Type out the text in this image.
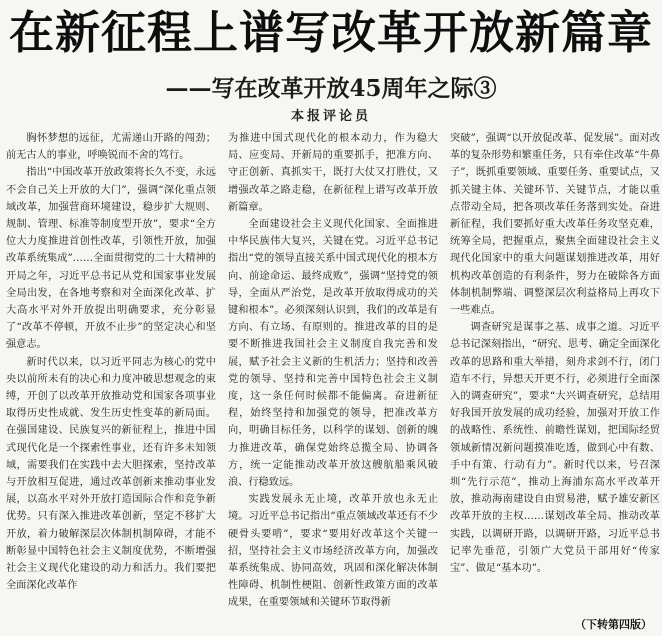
在新征程上谱写改革开放新篇章
——写在改革开放45周年之际③
本报评论员

胸怀梦想的远征，尤需递山开路的闯劲；前无古人的事业，呼唤锐而不舍的笃行。

指出“中国改革开放政策将长久不变，永远不会自己关上开放的大门”，强调“深化重点领域改革，加强营商环境建设，稳步扩大规则、规制、管理、标准等制度型开放”，要求“全方位大力度推进首创性改革，引领性开放，加强改革系统集成”……全面贯彻党的二十大精神的开局之年，习近平总书记从党和国家事业发展全局出发，在各地考察和对全面深化改革、扩大高水平对外开放提出明确要求，充分彰显了“改革不停顿，开放不止步”的坚定决心和坚强意志。

新时代以来，以习近平同志为核心的党中央以前所未有的决心和力度冲破思想观念的束缚，开创了以改革开放推动党和国家各项事业取得历史性成就、发生历史性变革的新局面。在强国建设、民族复兴的新征程上，推进中国式现代化是一个探索性事业，还有许多未知领域，需要我们在实践中去大胆探索，坚持改革与开放相互促进，通过改革创新来推动事业发展，以高水平对外开放打造国际合作和竞争新优势。只有深入推进改革创新，坚定不移扩大开放，着力破解深层次体制机制障碍，才能不断彰显中国特色社会主义制度优势，不断增强社会主义现代化建设的动力和活力。我们要把全面深化改革作

为推进中国式现代化的根本动力，作为稳大局、应变局、开新局的重要抓手，把准方向、守正创新、真抓实干，既打大仗又打胜仗，又增强改革之路走稳，在新征程上谱写改革开放新篇章。

全面建设社会主义现代化国家、全面推进中华民族伟大复兴，关键在党。习近平总书记指出“党的领导直接关系中国式现代化的根本方向、前途命运、最终成败”，强调“坚持党的领导，全面从严治党，是改革开放取得成功的关键和根本”。必须深刻认识到，我们的改革是有方向、有立场、有原则的。推进改革的目的是要不断推进我国社会主义制度自我完善和发展，赋予社会主义新的生机活力；坚持和改善党的领导、坚持和完善中国特色社会主义制度，这一条任何时候都不能偏离。奋进新征程，始终坚持和加强党的领导，把准改革方向，明确目标任务，以科学的谋划、创新的魄力推进改革，确保党始终总揽全局、协调各方，统一定能推动改革开放这艘航船乘风破浪、行稳致远。

实践发展永无止境，改革开放也永无止境。习近平总书记指出“重点领域改革还有不少硬骨头要啃”，要求“要用好改革这个关键一招，坚持社会主义市场经济改革方向，加强改革系统集成、协同高效，巩固和深化解决体制性障碍、机制性梗阻、创新性政策方面的改革成果，在重要领域和关键环节取得新

突破”，强调“以开放促改革、促发展”。面对改革的复杂形势和繁重任务，只有牵住改革“牛鼻子”，既抓重要领域、重要任务、重要试点，又抓关键主体、关键环节、关键节点，才能以重点带动全局，把各项改革任务落到实处。奋进新征程，我们要抓好重大改革任务攻坚克难，统筹全局，把握重点，聚焦全面建设社会主义现代化国家中的重大问题谋划推进改革，用好机构改革创造的有利条件，努力在破除各方面体制机制弊端、调整深层次利益格局上再攻下一些难点。

调查研究是谋事之基、成事之道。习近平总书记深刻指出，“研究、思考、确定全面深化改革的思路和重大举措，刻舟求剑不行，闭门造车不行，异想天开更不行，必须进行全面深入的调查研究”，要求“大兴调查研究，总结用好我国开放发展的成功经验，加强对开放工作的战略性、系统性、前瞻性谋划，把国际经贸领域新情况新问题摸准吃透，做到心中有数、手中有策、行动有力”。新时代以来，号召深圳“先行示范”，推动上海浦东高水平改革开放，推动海南建设自由贸易港，赋予雄安新区改革开放的主权……谋划改革全局、推动改革实践，以调研开路，以调研开路，习近平总书记率先垂范，引领广大党员干部用好“传家宝”、做足“基本功”。

（下转第四版）
